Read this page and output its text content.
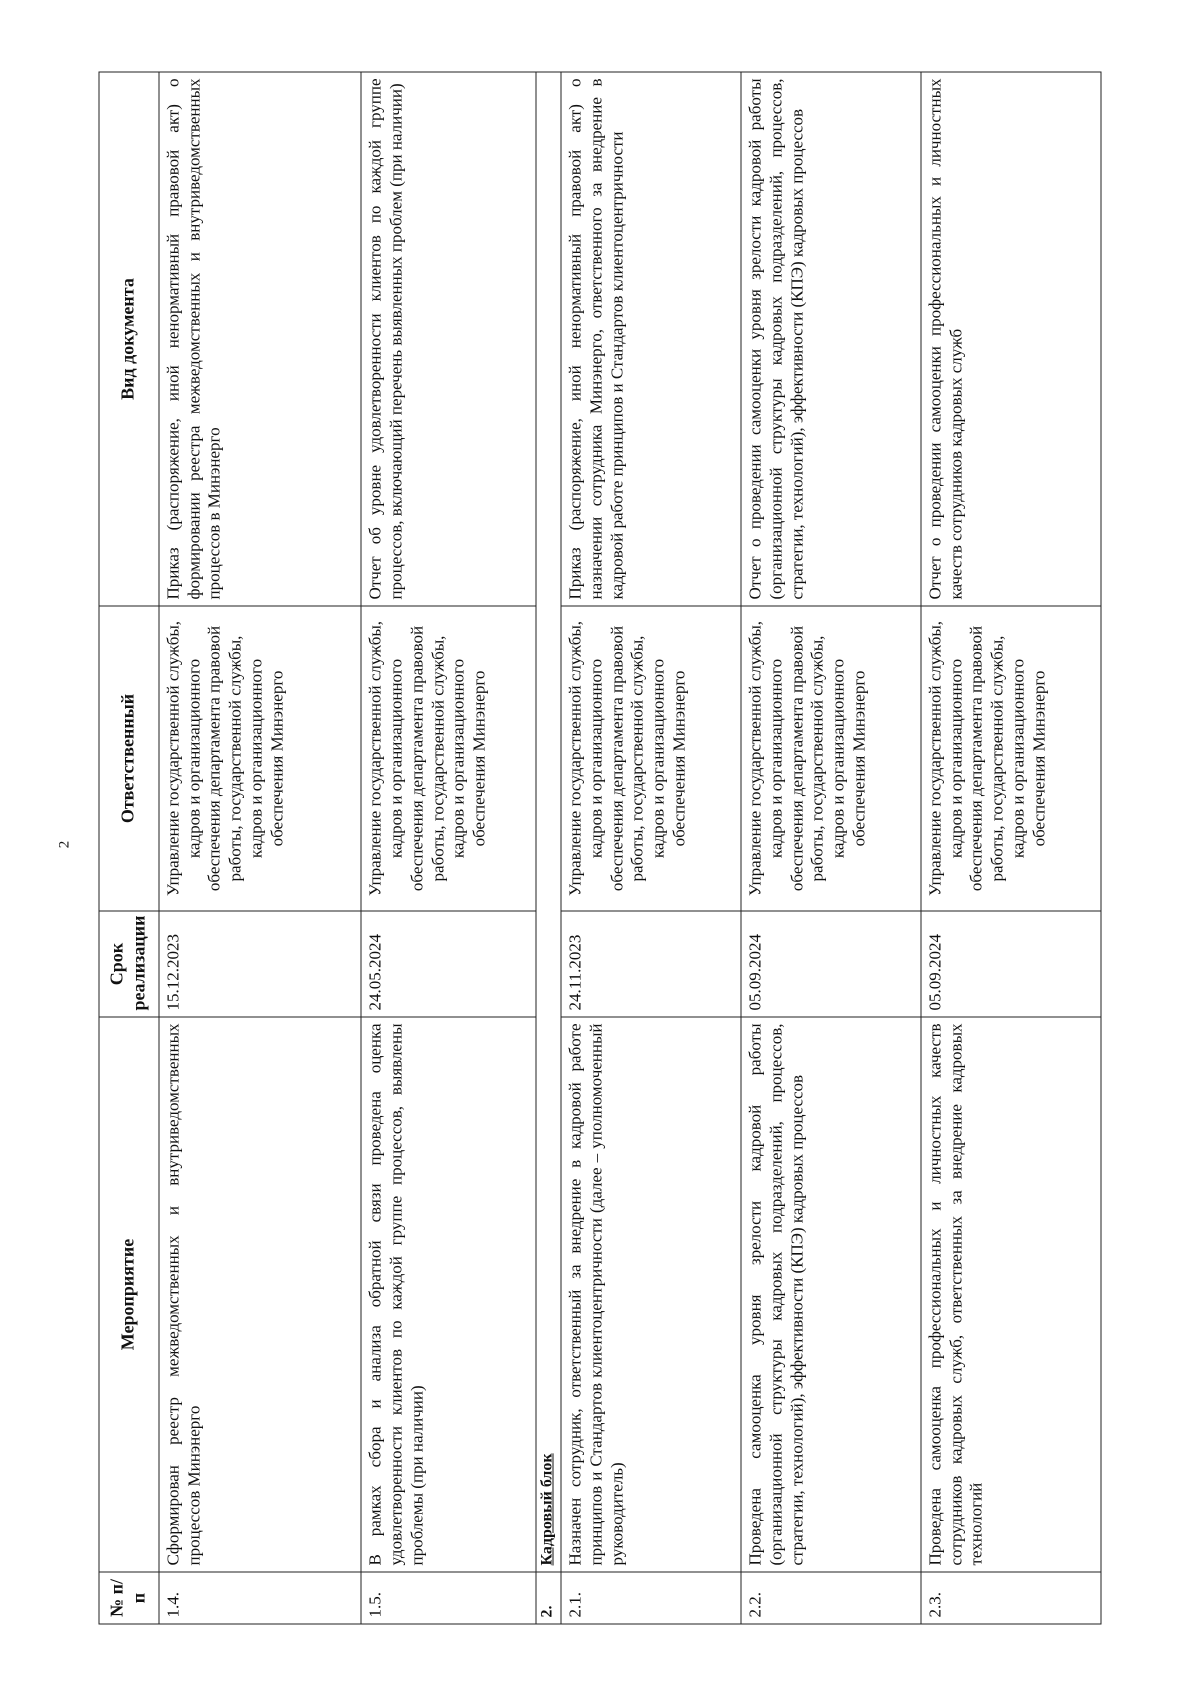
2
№ п/п	Мероприятие	Срок реализации	Ответственный	Вид документа
1.4.	Сформирован реестр межведомственных и внутриведомственных процессов Минэнерго	15.12.2023	Управление государственной службы, кадров и организационного обеспечения департамента правовой работы, государственной службы, кадров и организационного обеспечения Минэнерго	Приказ (распоряжение, иной ненормативный правовой акт) о формировании реестра межведомственных и внутриведомственных процессов в Минэнерго
1.5.	В рамках сбора и анализа обратной связи проведена оценка удовлетворенности клиентов по каждой группе процессов, выявлены проблемы (при наличии)	24.05.2024	Управление государственной службы, кадров и организационного обеспечения департамента правовой работы, государственной службы, кадров и организационного обеспечения Минэнерго	Отчет об уровне удовлетворенности клиентов по каждой группе процессов, включающий перечень выявленных проблем (при наличии)
2.	Кадровый блок			
2.1.	Назначен сотрудник, ответственный за внедрение в кадровой работе принципов и Стандартов клиентоцентричности (далее – уполномоченный руководитель)	24.11.2023	Управление государственной службы, кадров и организационного обеспечения департамента правовой работы, государственной службы, кадров и организационного обеспечения Минэнерго	Приказ (распоряжение, иной ненормативный правовой акт) о назначении сотрудника Минэнерго, ответственного за внедрение в кадровой работе принципов и Стандартов клиентоцентричности
2.2.	Проведена самооценка уровня зрелости кадровой работы (организационной структуры кадровых подразделений, процессов, стратегии, технологий), эффективности (КПЭ) кадровых процессов	05.09.2024	Управление государственной службы, кадров и организационного обеспечения департамента правовой работы, государственной службы, кадров и организационного обеспечения Минэнерго	Отчет о проведении самооценки уровня зрелости кадровой работы (организационной структуры кадровых подразделений, процессов, стратегии, технологий), эффективности (КПЭ) кадровых процессов
2.3.	Проведена самооценка профессиональных и личностных качеств сотрудников кадровых служб, ответственных за внедрение кадровых технологий	05.09.2024	Управление государственной службы, кадров и организационного обеспечения департамента правовой работы, государственной службы, кадров и организационного обеспечения Минэнерго	Отчет о проведении самооценки профессиональных и личностных качеств сотрудников кадровых служб
